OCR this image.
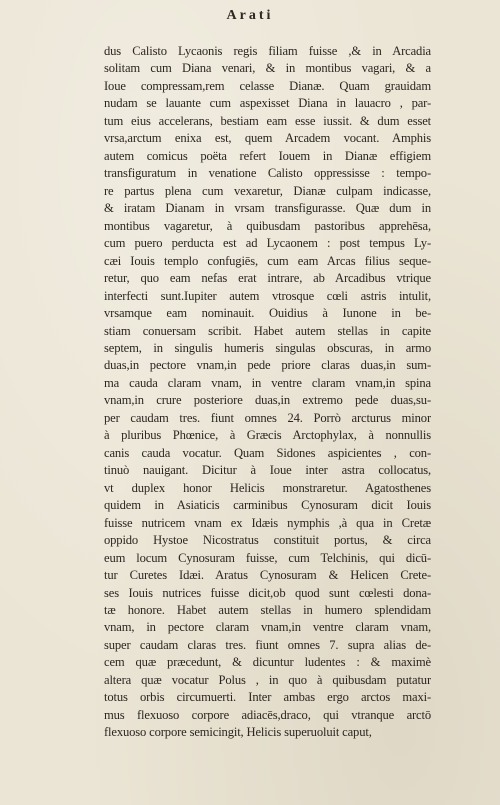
Arati
dus Calisto Lycaonis regis filiam fuisse ,& in Arcadia
solitam cum Diana venari, & in montibus vagari, & a
Ioue compressam,rem celasse Dianæ. Quam grauidam
nudam se lauante cum aspexisset Diana in lauacro , par-
tum eius accelerans, bestiam eam esse iussit. & dum esset
vrsa,arctum enixa est, quem Arcadem vocant. Amphis
autem comicus poëta refert Iouem in Dianæ effigiem
transfiguratum in venatione Calisto oppressisse : tempo-
re partus plena cum vexaretur, Dianæ culpam indicasse,
& iratam Dianam in vrsam transfigurasse. Quæ dum in
montibus vagaretur, à quibusdam pastoribus apprehēsa,
cum puero perducta est ad Lycaonem : post tempus Ly-
cæi Iouis templo confugiēs, cum eam Arcas filius seque-
retur, quo eam nefas erat intrare, ab Arcadibus vtrique
interfecti sunt.Iupiter autem vtrosque cœli astris intulit,
vrsamque eam nominauit. Ouidius à Iunone in be-
stiam conuersam scribit. Habet autem stellas in capite
septem, in singulis humeris singulas obscuras, in armo
duas,in pectore vnam,in pede priore claras duas,in sum-
ma cauda claram vnam, in ventre claram vnam,in spina
vnam,in crure posteriore duas,in extremo pede duas,su-
per caudam tres. fiunt omnes 24. Porrò arcturus minor
à pluribus Phœnice, à Græcis Arctophylax, à nonnullis
canis cauda vocatur. Quam Sidones aspicientes , con-
tinuò nauigant. Dicitur à Ioue inter astra collocatus,
vt duplex honor Helicis monstraretur. Agatosthenes
quidem in Asiaticis carminibus Cynosuram dicit Iouis
fuisse nutricem vnam ex Idæis nymphis ,à qua in Cretæ
oppido Hystoe Nicostratus constituit portus, & circa
eum locum Cynosuram fuisse, cum Telchinis, qui dicū-
tur Curetes Idæi. Aratus Cynosuram & Helicen Crete-
ses Iouis nutrices fuisse dicit,ob quod sunt cœlesti dona-
tæ honore. Habet autem stellas in humero splendidam
vnam, in pectore claram vnam,in ventre claram vnam,
super caudam claras tres. fiunt omnes 7. supra alias de-
cem quæ præcedunt, & dicuntur ludentes : & maximè
altera quæ vocatur Polus , in quo à quibusdam putatur
totus orbis circumuerti. Inter ambas ergo arctos maxi-
mus flexuoso corpore adiacēs,draco, qui vtranque arctō
flexuoso corpore semicingit, Helicis superuoluit caput,
